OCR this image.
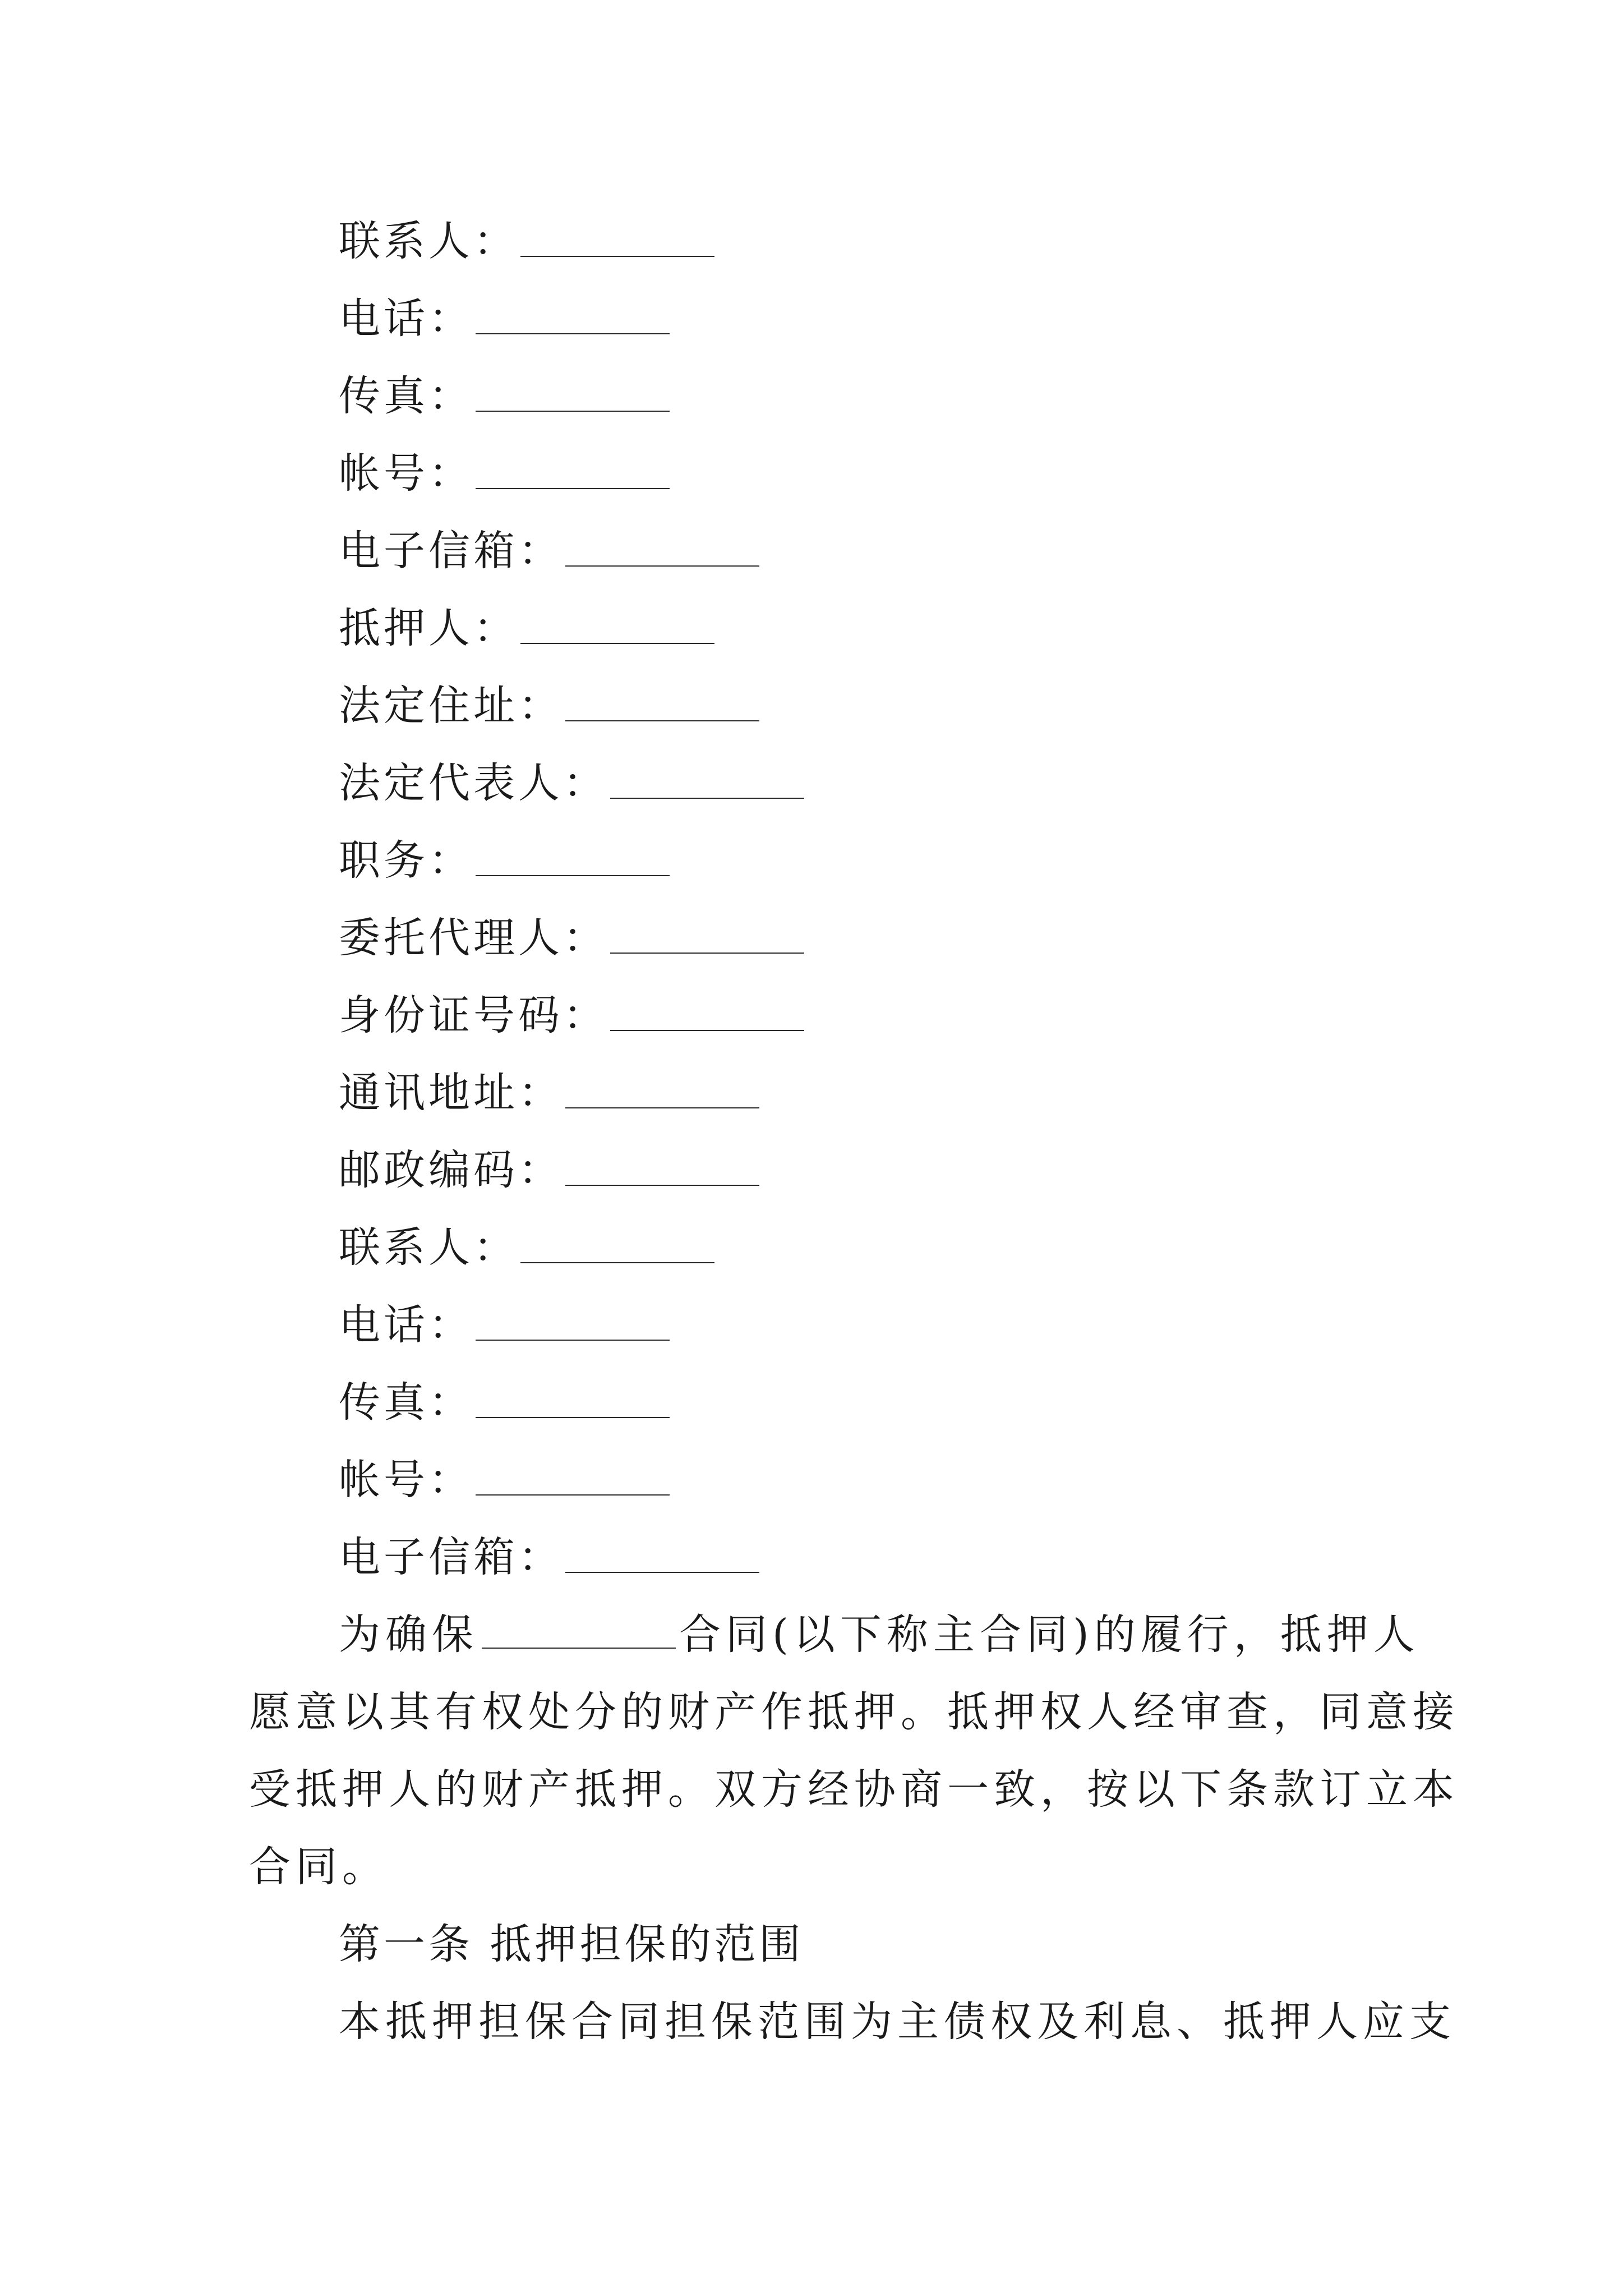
联系人：
电话：
传真：
帐号：
电子信箱：
抵押人：
法定住址：
法定代表人：
职务：
委托代理人：
身份证号码：
通讯地址：
邮政编码：
联系人：
电话：
传真：
帐号：
电子信箱：
为确保	合同(以下称主合同)的履行，抵押人
愿意以其有权处分的财产作抵押。抵押权人经审查，同意接
受抵押人的财产抵押。双方经协商一致，按以下条款订立本
合同。
第一条 抵押担保的范围
本抵押担保合同担保范围为主债权及利息、抵押人应支
